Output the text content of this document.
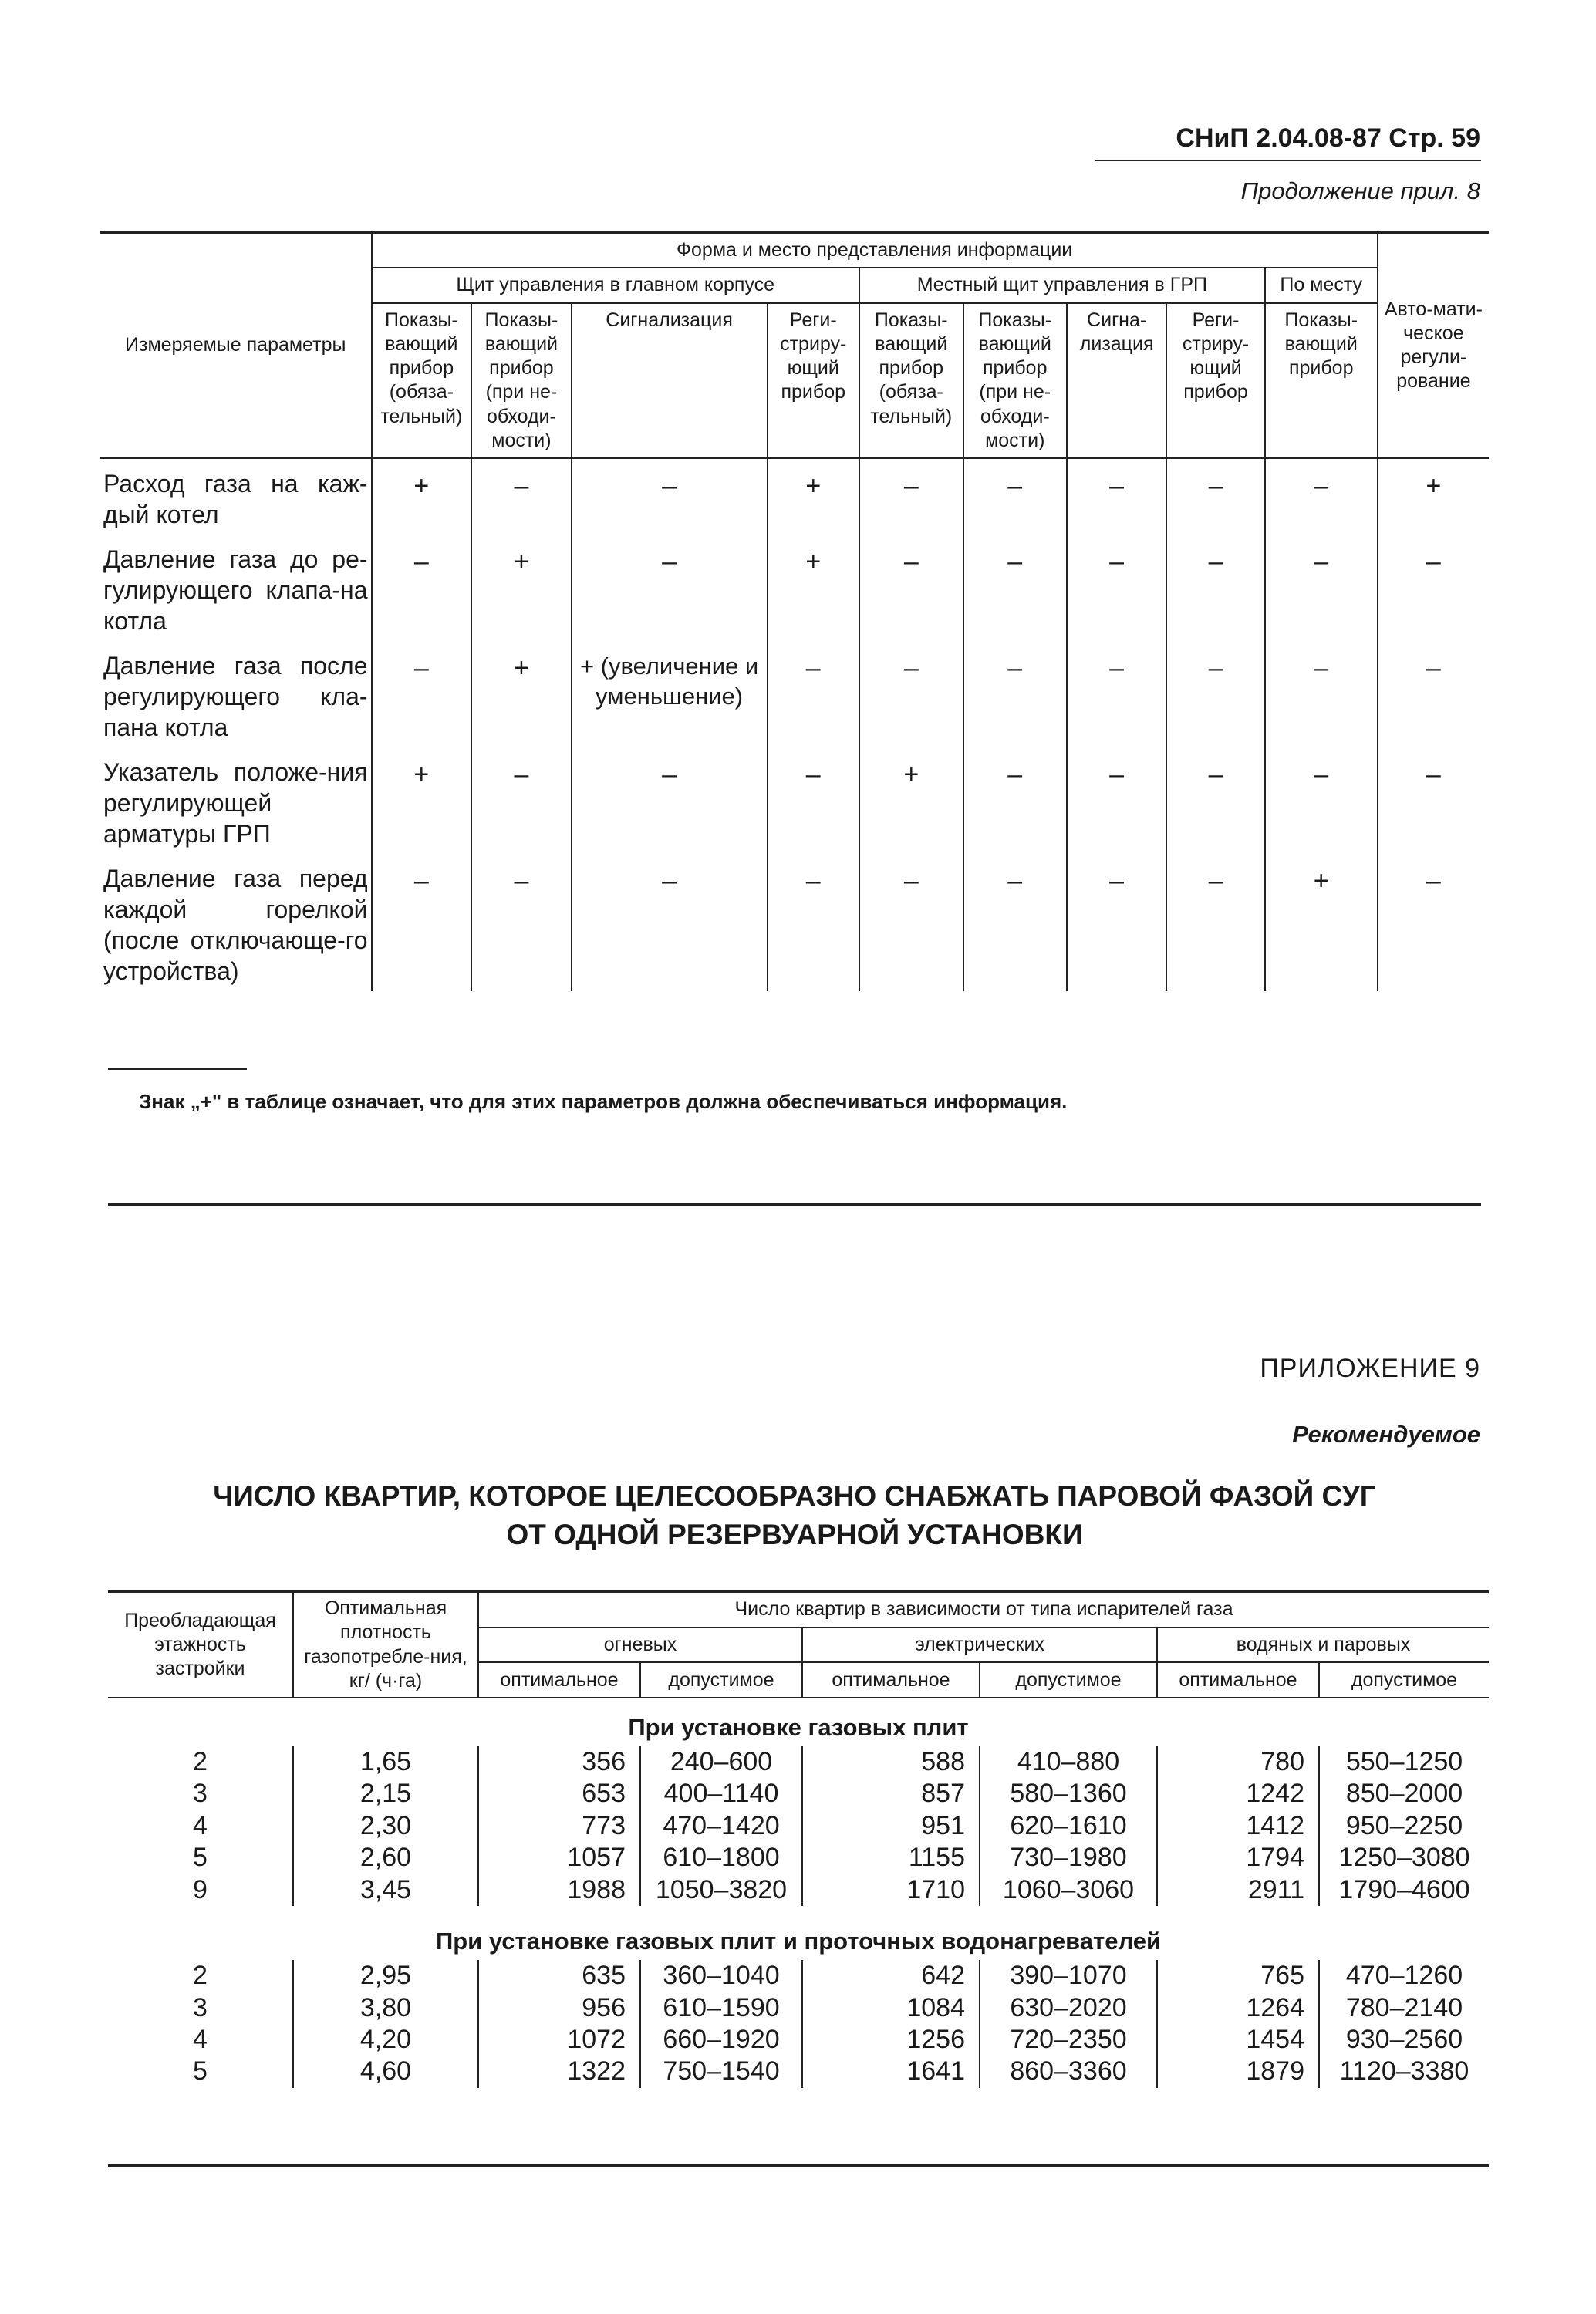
СНиП 2.04.08-87 Стр. 59
Продолжение прил. 8
Измеряемые параметры	Форма и место представления информации									Авто-мати-ческое регули-рование
	Щит управления в главном корпусе				Местный щит управления в ГРП				По месту	
	Показы-вающий прибор (обяза-тельный)	Показы-вающий прибор (при не-обходи-мости)	Сигнализация	Реги-стриру-ющий прибор	Показы-вающий прибор (обяза-тельный)	Показы-вающий прибор (при не-обходи-мости)	Сигна-лизация	Реги-стриру-ющий прибор	Показы-вающий прибор	
Расход газа на каж-дый котел	+	–	–	+	–	–	–	–	–	+
Давление газа до ре-гулирующего клапа-на котла	–	+	–	+	–	–	–	–	–	–
Давление газа после регулирующего кла-пана котла	–	+	+ (увеличение и уменьшение)	–	–	–	–	–	–	–
Указатель положе-ния регулирующей арматуры ГРП	+	–	–	–	+	–	–	–	–	–
Давление газа перед каждой горелкой (после отключающе-го устройства)	–	–	–	–	–	–	–	–	+	–
Знак „+" в таблице означает, что для этих параметров должна обеспечиваться информация.
ПРИЛОЖЕНИЕ 9
Рекомендуемое
ЧИСЛО КВАРТИР, КОТОРОЕ ЦЕЛЕСООБРАЗНО СНАБЖАТЬ ПАРОВОЙ ФАЗОЙ СУГ
ОТ ОДНОЙ РЕЗЕРВУАРНОЙ УСТАНОВКИ
Преобладающая этажность застройки	Оптимальная плотность газопотребле-ния, кг/ (ч·га)	Число квартир в зависимости от типа испарителей газа					
		огневых		электрических		водяных и паровых	
		оптимальное	допустимое	оптимальное	допустимое	оптимальное	допустимое
При установке газовых плит							
2	1,65	356	240–600	588	410–880	780	550–1250
3	2,15	653	400–1140	857	580–1360	1242	850–2000
4	2,30	773	470–1420	951	620–1610	1412	950–2250
5	2,60	1057	610–1800	1155	730–1980	1794	1250–3080
9	3,45	1988	1050–3820	1710	1060–3060	2911	1790–4600

При установке газовых плит и проточных водонагревателей							
2	2,95	635	360–1040	642	390–1070	765	470–1260
3	3,80	956	610–1590	1084	630–2020	1264	780–2140
4	4,20	1072	660–1920	1256	720–2350	1454	930–2560
5	4,60	1322	750–1540	1641	860–3360	1879	1120–3380
